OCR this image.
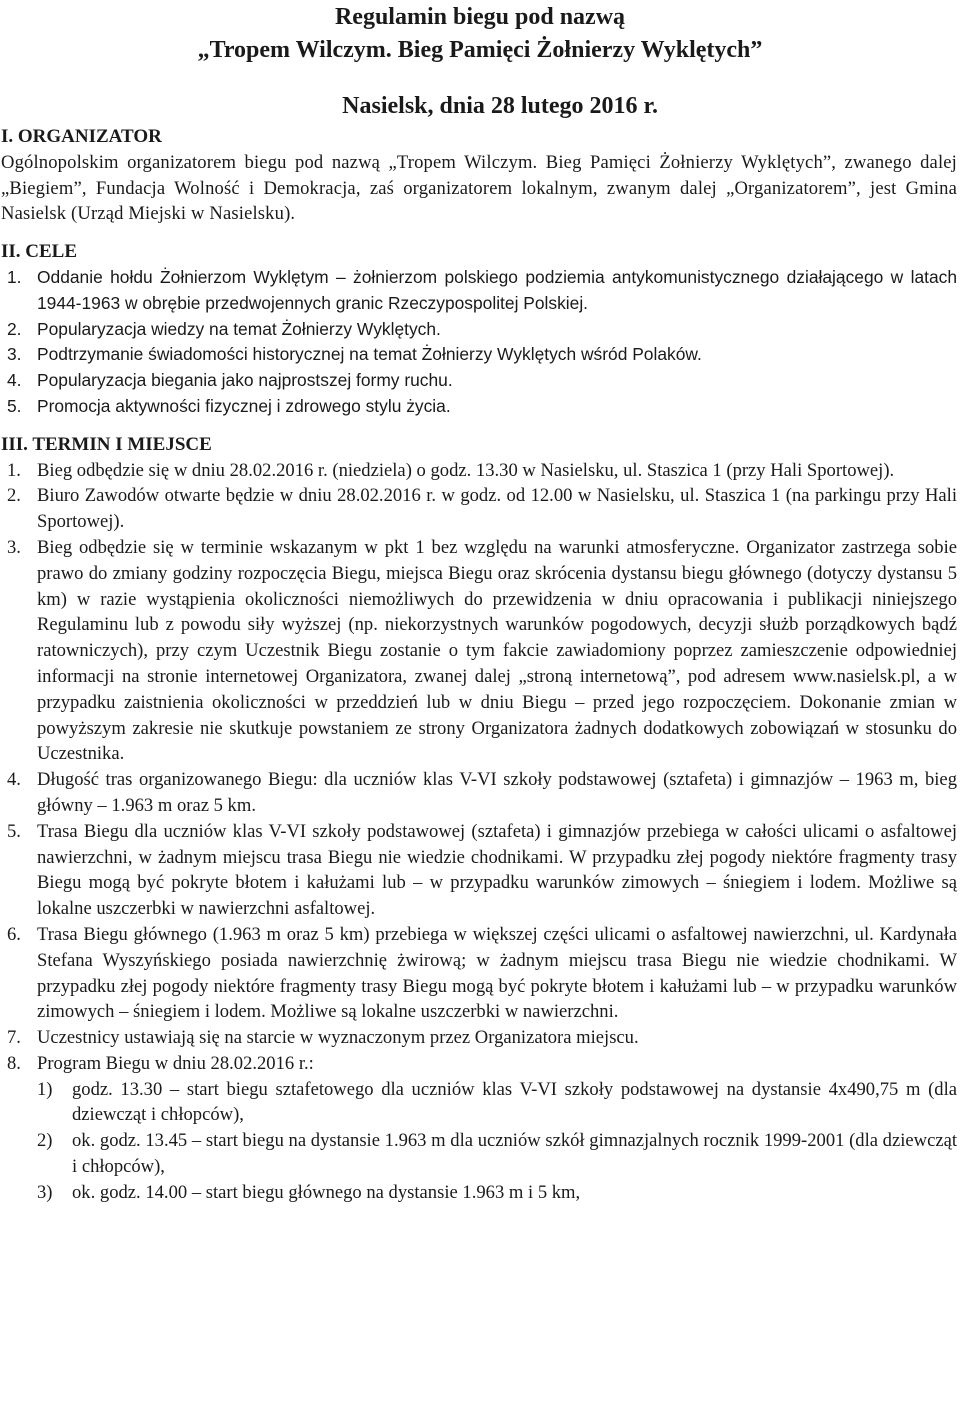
Regulamin biegu pod nazwą
„Tropem Wilczym. Bieg Pamięci Żołnierzy Wyklętych”
Nasielsk, dnia 28 lutego 2016 r.

I. ORGANIZATOR

Ogólnopolskim organizatorem biegu pod nazwą „Tropem Wilczym. Bieg Pamięci Żołnierzy Wyklętych”, zwanego dalej „Biegiem”, Fundacja Wolność i Demokracja, zaś organizatorem lokalnym, zwanym dalej „Organizatorem”, jest Gmina Nasielsk (Urząd Miejski w Nasielsku).

II. CELE

1. Oddanie hołdu Żołnierzom Wyklętym – żołnierzom polskiego podziemia antykomunistycznego działającego w latach 1944-1963 w obrębie przedwojennych granic Rzeczypospolitej Polskiej.

2. Popularyzacja wiedzy na temat Żołnierzy Wyklętych.

3. Podtrzymanie świadomości historycznej na temat Żołnierzy Wyklętych wśród Polaków.

4. Popularyzacja biegania jako najprostszej formy ruchu.

5. Promocja aktywności fizycznej i zdrowego stylu życia.

III. TERMIN I MIEJSCE

1. Bieg odbędzie się w dniu 28.02.2016 r. (niedziela) o godz. 13.30 w Nasielsku, ul. Staszica 1 (przy Hali Sportowej).

2. Biuro Zawodów otwarte będzie w dniu 28.02.2016 r. w godz. od 12.00 w Nasielsku, ul. Staszica 1 (na parkingu przy Hali Sportowej).

3. Bieg odbędzie się w terminie wskazanym w pkt 1 bez względu na warunki atmosferyczne. Organizator zastrzega sobie prawo do zmiany godziny rozpoczęcia Biegu, miejsca Biegu oraz skrócenia dystansu biegu głównego (dotyczy dystansu 5 km) w razie wystąpienia okoliczności niemożliwych do przewidzenia w dniu opracowania i publikacji niniejszego Regulaminu lub z powodu siły wyższej (np. niekorzystnych warunków pogodowych, decyzji służb porządkowych bądź ratowniczych), przy czym Uczestnik Biegu zostanie o tym fakcie zawiadomiony poprzez zamieszczenie odpowiedniej informacji na stronie internetowej Organizatora, zwanej dalej „stroną internetową”, pod adresem www.nasielsk.pl, a w przypadku zaistnienia okoliczności w przeddzień lub w dniu Biegu – przed jego rozpoczęciem. Dokonanie zmian w powyższym zakresie nie skutkuje powstaniem ze strony Organizatora żadnych dodatkowych zobowiązań w stosunku do Uczestnika.

4. Długość tras organizowanego Biegu: dla uczniów klas V-VI szkoły podstawowej (sztafeta) i gimnazjów – 1963 m, bieg główny – 1.963 m oraz 5 km.

5. Trasa Biegu dla uczniów klas V-VI szkoły podstawowej (sztafeta) i gimnazjów przebiega w całości ulicami o asfaltowej nawierzchni, w żadnym miejscu trasa Biegu nie wiedzie chodnikami. W przypadku złej pogody niektóre fragmenty trasy Biegu mogą być pokryte błotem i kałużami lub – w przypadku warunków zimowych – śniegiem i lodem. Możliwe są lokalne uszczerbki w nawierzchni asfaltowej.

6. Trasa Biegu głównego (1.963 m oraz 5 km) przebiega w większej części ulicami o asfaltowej nawierzchni, ul. Kardynała Stefana Wyszyńskiego posiada nawierzchnię żwirową; w żadnym miejscu trasa Biegu nie wiedzie chodnikami. W przypadku złej pogody niektóre fragmenty trasy Biegu mogą być pokryte błotem i kałużami lub – w przypadku warunków zimowych – śniegiem i lodem. Możliwe są lokalne uszczerbki w nawierzchni.

7. Uczestnicy ustawiają się na starcie w wyznaczonym przez Organizatora miejscu.

8. Program Biegu w dniu 28.02.2016 r.:

1) godz. 13.30 – start biegu sztafetowego dla uczniów klas V-VI szkoły podstawowej na dystansie 4x490,75 m (dla dziewcząt i chłopców),

2) ok. godz. 13.45 – start biegu na dystansie 1.963 m dla uczniów szkół gimnazjalnych rocznik 1999-2001 (dla dziewcząt i chłopców),

3) ok. godz. 14.00 – start biegu głównego na dystansie 1.963 m i 5 km,
